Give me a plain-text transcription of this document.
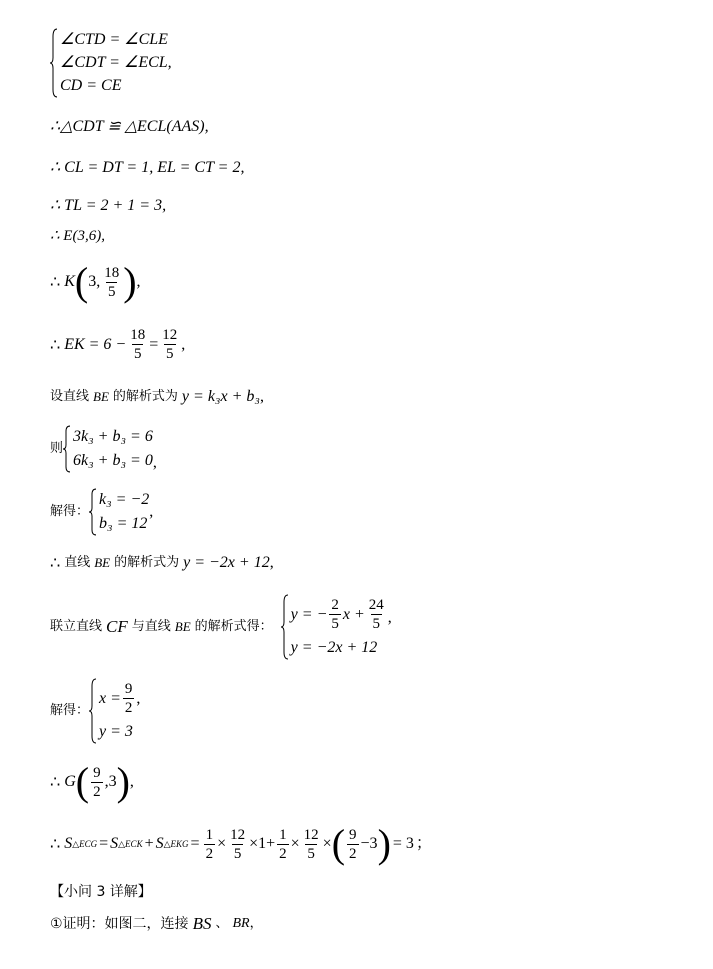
∠CTD = ∠CLE
∠CDT = ∠ECL,
CD = CE
∴△CDT ≌ △ECL(AAS),
∴ CL = DT = 1, EL = CT = 2,
∴ TL = 2 + 1 = 3,
∴ E(3,6),
∴ K ( 3, $\frac{18}{5}$ ) ,
∴ EK = $6 - \frac{18}{5} = \frac{12}{5}$ ,
设直线 BE 的解析式为 y = k₃x + b₃ ,
则
3k₃ + b₃ = 6
6k₃ + b₃ = 0 ,
解得：
k₃ = −2
b₃ = 12
,
∴ 直线 BE 的解析式为 y = −2x + 12 ,
联立直线 CF 与直线 BE 的解析式得：
y = − $\frac{2}{5}$ $x + \frac{24}{5}$
y = −2x + 12
,
解得：
$x = \frac{9}{2}$ ,
y = 3
∴ G ( $\frac{9}{2} ,3$ ) ,
∴ S △ECG = S △ECK + S △EKG = $\frac{1}{2} \times \frac{12}{5} \times 1+ \frac{1}{2} \times \frac{12}{5}$ × ( $\frac{9}{2} -3$ ) = 3 ；
【小问 3 详解】
①证明：如图二，连接 BS 、 BR ，
